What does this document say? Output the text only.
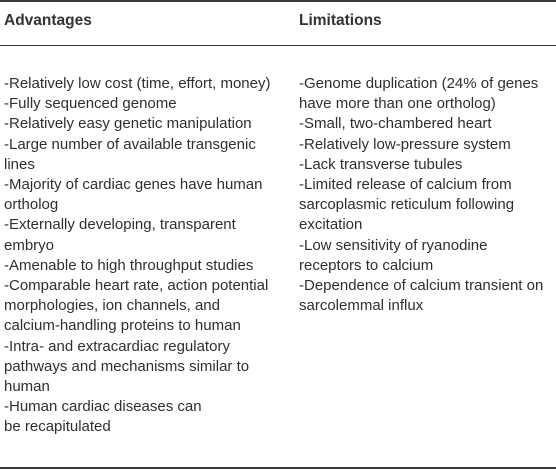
Advantages	Limitations
-Relatively low cost (time, effort, money)
-Fully sequenced genome
-Relatively easy genetic manipulation
-Large number of available transgenic
lines
-Majority of cardiac genes have human
ortholog
-Externally developing, transparent
embryo
-Amenable to high throughput studies
-Comparable heart rate, action potential
morphologies, ion channels, and
calcium-handling proteins to human
-Intra- and extracardiac regulatory
pathways and mechanisms similar to
human
-Human cardiac diseases can
be recapitulated
-Genome duplication (24% of genes
have more than one ortholog)
-Small, two-chambered heart
-Relatively low-pressure system
-Lack transverse tubules
-Limited release of calcium from
sarcoplasmic reticulum following
excitation
-Low sensitivity of ryanodine
receptors to calcium
-Dependence of calcium transient on
sarcolemmal influx
